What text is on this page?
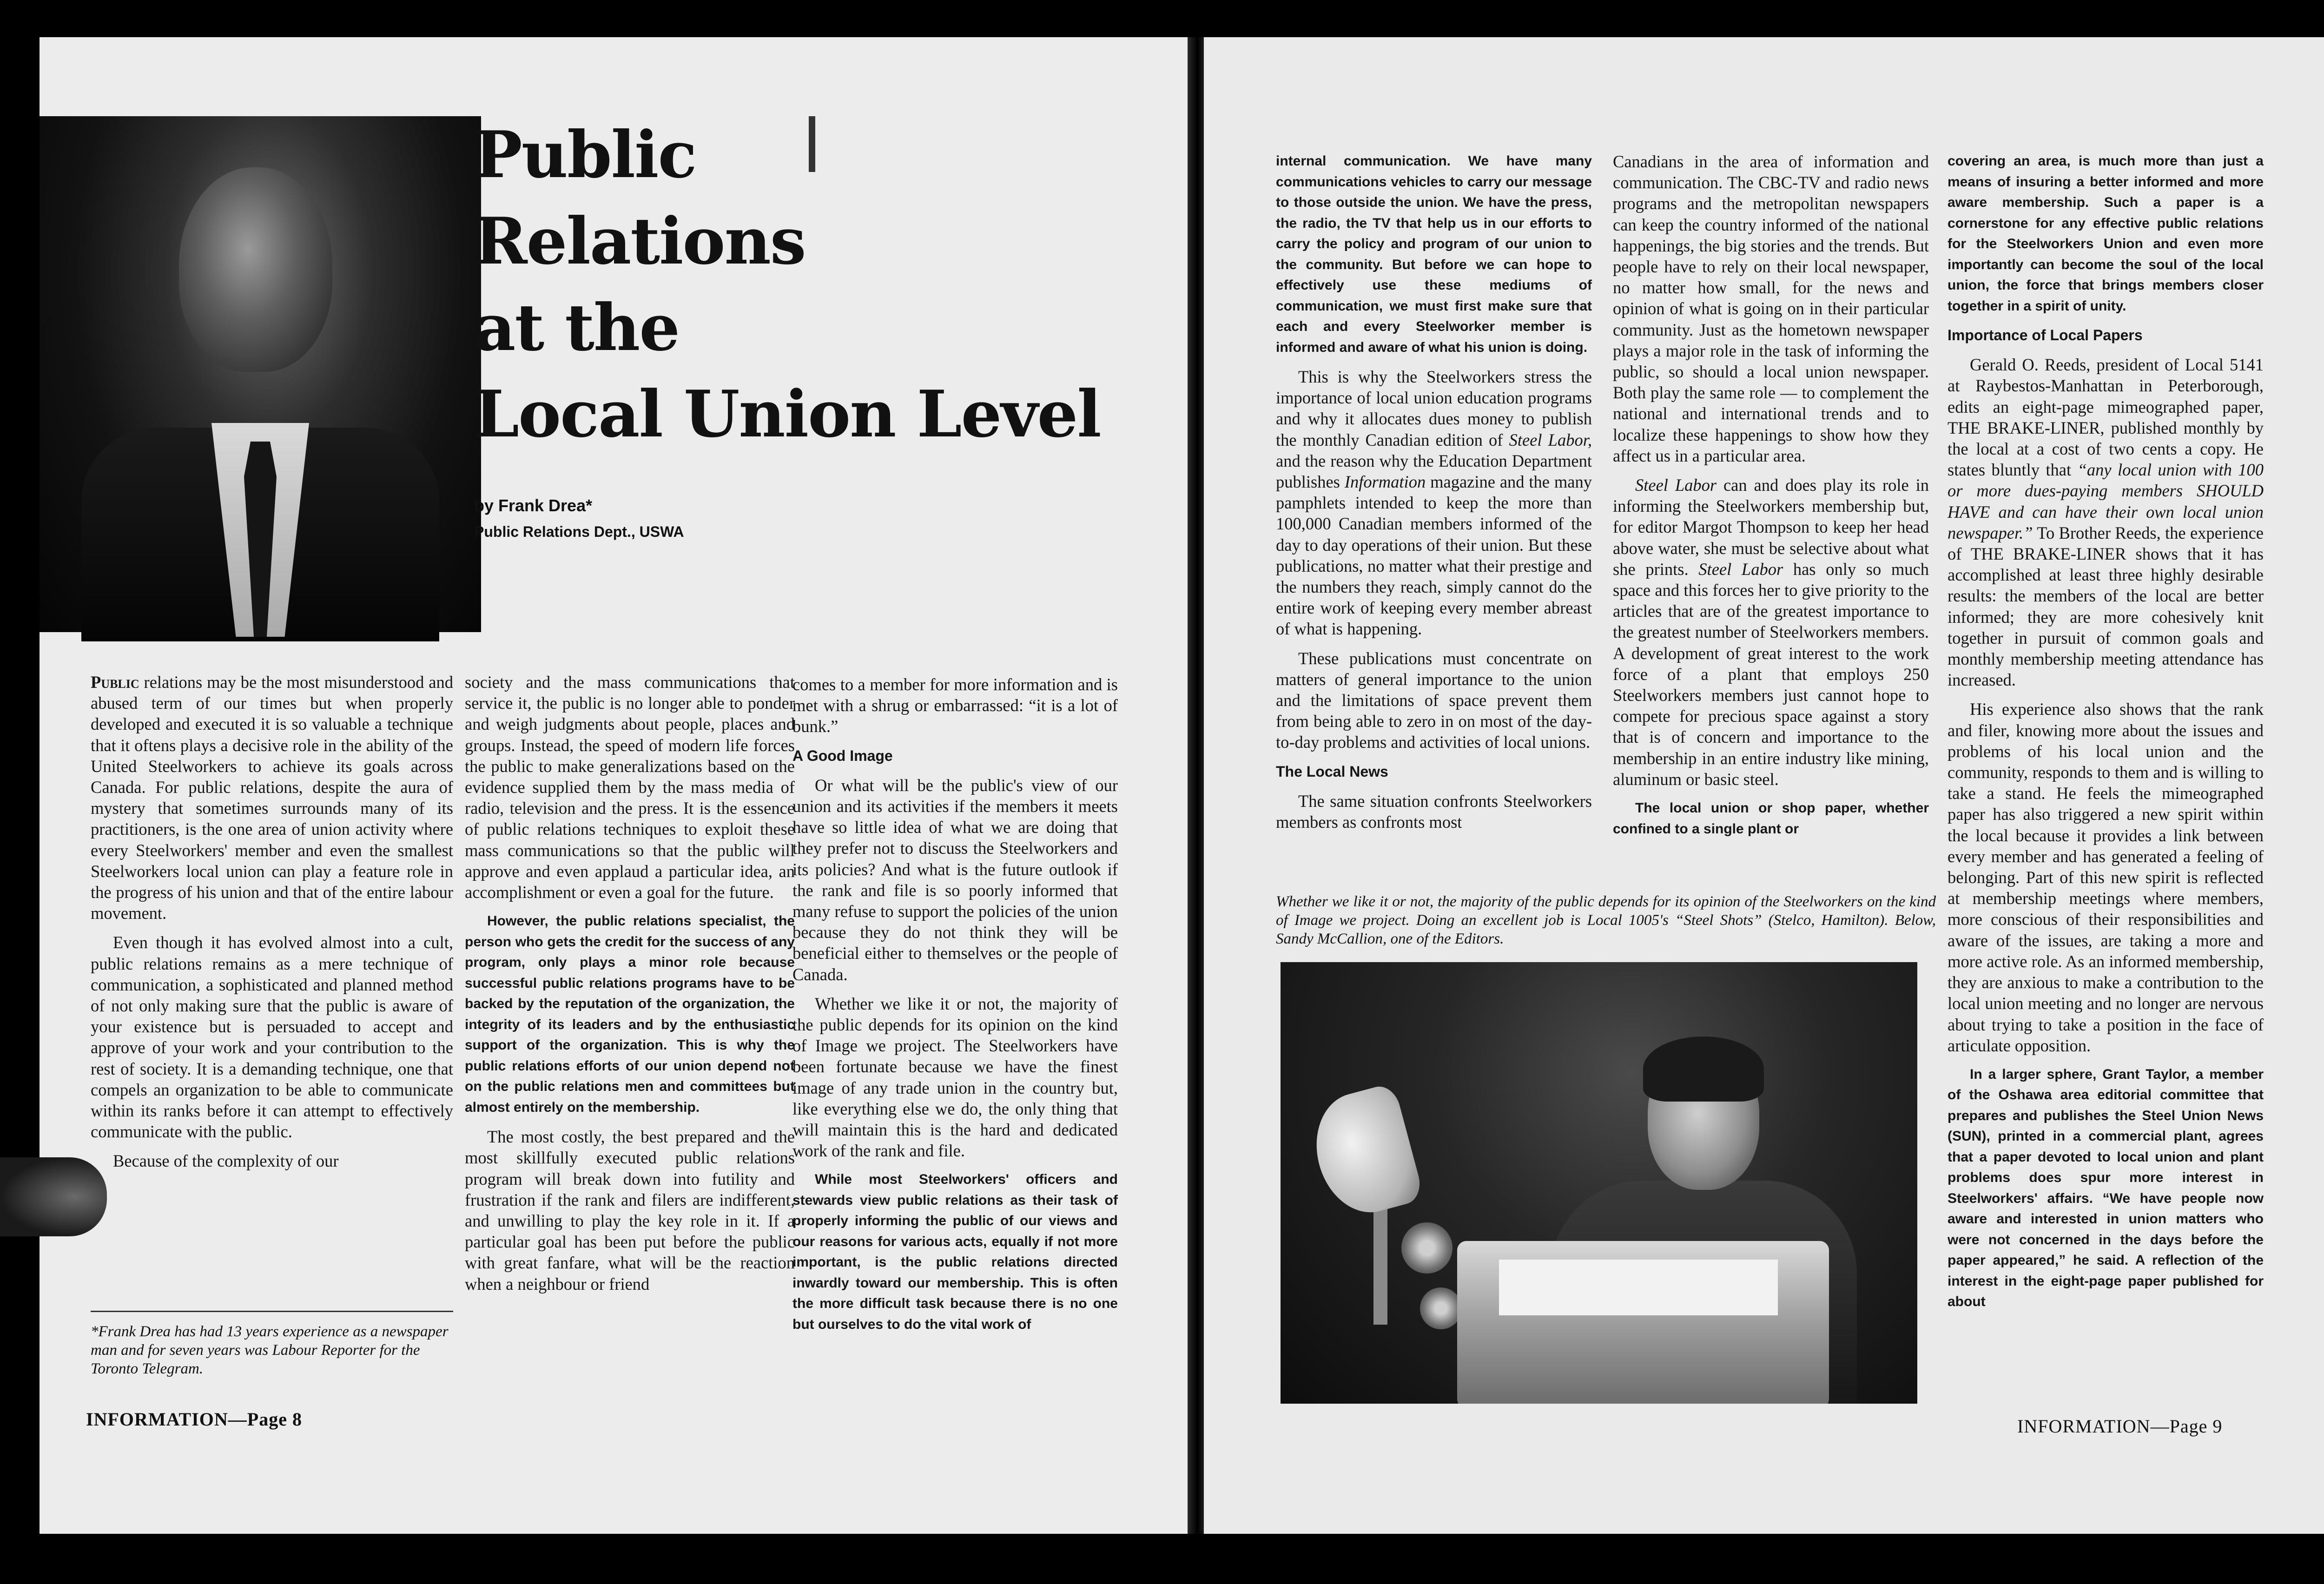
Public
Relations
at the
Local Union Level
by Frank Drea*
Public Relations Dept., USWA

Public relations may be the most misunderstood and abused term of our times but when properly developed and executed it is so valuable a technique that it oftens plays a decisive role in the ability of the United Steelworkers to achieve its goals across Canada. For public relations, despite the aura of mystery that sometimes surrounds many of its practitioners, is the one area of union activity where every Steelworkers' member and even the smallest Steelworkers local union can play a feature role in the progress of his union and that of the entire labour movement.

Even though it has evolved almost into a cult, public relations remains as a mere technique of communication, a sophisticated and planned method of not only making sure that the public is aware of your existence but is persuaded to accept and approve of your work and your contribution to the rest of society. It is a demanding technique, one that compels an organization to be able to communicate within its ranks before it can attempt to effectively communicate with the public.

Because of the complexity of our

*Frank Drea has had 13 years experience as a newspaper man and for seven years was Labour Reporter for the Toronto Telegram.
INFORMATION—Page 8

society and the mass communications that service it, the public is no longer able to ponder and weigh judgments about people, places and groups. Instead, the speed of modern life forces the public to make generalizations based on the evidence supplied them by the mass media of radio, television and the press. It is the essence of public relations techniques to exploit these mass communications so that the public will approve and even applaud a particular idea, an accomplishment or even a goal for the future.

However, the public relations specialist, the person who gets the credit for the success of any program, only plays a minor role because successful public relations programs have to be backed by the reputation of the organization, the integrity of its leaders and by the enthusiastic support of the organization. This is why the public relations efforts of our union depend not on the public relations men and committees but almost entirely on the membership.

The most costly, the best prepared and the most skillfully executed public relations program will break down into futility and frustration if the rank and filers are indifferent, and unwilling to play the key role in it. If a particular goal has been put before the public with great fanfare, what will be the reaction when a neighbour or friend

comes to a member for more information and is met with a shrug or embarrassed: “it is a lot of bunk.”

A Good Image

Or what will be the public's view of our union and its activities if the members it meets have so little idea of what we are doing that they prefer not to discuss the Steelworkers and its policies? And what is the future outlook if the rank and file is so poorly informed that many refuse to support the policies of the union because they do not think they will be beneficial either to themselves or the people of Canada.

Whether we like it or not, the majority of the public depends for its opinion on the kind of Image we project. The Steelworkers have been fortunate because we have the finest image of any trade union in the country but, like everything else we do, the only thing that will maintain this is the hard and dedicated work of the rank and file.

While most Steelworkers' officers and stewards view public relations as their task of properly informing the public of our views and our reasons for various acts, equally if not more important, is the public relations directed inwardly toward our membership. This is often the more difficult task because there is no one but ourselves to do the vital work of

internal communication. We have many communications vehicles to carry our message to those outside the union. We have the press, the radio, the TV that help us in our efforts to carry the policy and program of our union to the community. But before we can hope to effectively use these mediums of communication, we must first make sure that each and every Steelworker member is informed and aware of what his union is doing.

This is why the Steelworkers stress the importance of local union education programs and why it allocates dues money to publish the monthly Canadian edition of Steel Labor, and the reason why the Education Department publishes Information magazine and the many pamphlets intended to keep the more than 100,000 Canadian members informed of the day to day operations of their union. But these publications, no matter what their prestige and the numbers they reach, simply cannot do the entire work of keeping every member abreast of what is happening.

These publications must concentrate on matters of general importance to the union and the limitations of space prevent them from being able to zero in on most of the day-to-day problems and activities of local unions.

The Local News

The same situation confronts Steelworkers members as confronts most

Canadians in the area of information and communication. The CBC-TV and radio news programs and the metropolitan newspapers can keep the country informed of the national happenings, the big stories and the trends. But people have to rely on their local newspaper, no matter how small, for the news and opinion of what is going on in their particular community. Just as the hometown newspaper plays a major role in the task of informing the public, so should a local union newspaper. Both play the same role — to complement the national and international trends and to localize these happenings to show how they affect us in a particular area.

Steel Labor can and does play its role in informing the Steelworkers membership but, for editor Margot Thompson to keep her head above water, she must be selective about what she prints. Steel Labor has only so much space and this forces her to give priority to the articles that are of the greatest importance to the greatest number of Steelworkers members. A development of great interest to the work force of a plant that employs 250 Steelworkers members just cannot hope to compete for precious space against a story that is of concern and importance to the membership in an entire industry like mining, aluminum or basic steel.

The local union or shop paper, whether confined to a single plant or

covering an area, is much more than just a means of insuring a better informed and more aware membership. Such a paper is a cornerstone for any effective public relations for the Steelworkers Union and even more importantly can become the soul of the local union, the force that brings members closer together in a spirit of unity.

Importance of Local Papers

Gerald O. Reeds, president of Local 5141 at Raybestos-Manhattan in Peterborough, edits an eight-page mimeographed paper, THE BRAKE-LINER, published monthly by the local at a cost of two cents a copy. He states bluntly that “any local union with 100 or more dues-paying members SHOULD HAVE and can have their own local union newspaper.” To Brother Reeds, the experience of THE BRAKE-LINER shows that it has accomplished at least three highly desirable results: the members of the local are better informed; they are more cohesively knit together in pursuit of common goals and monthly membership meeting attendance has increased.

His experience also shows that the rank and filer, knowing more about the issues and problems of his local union and the community, responds to them and is willing to take a stand. He feels the mimeographed paper has also triggered a new spirit within the local because it provides a link between every member and has generated a feeling of belonging. Part of this new spirit is reflected at membership meetings where members, more conscious of their responsibilities and aware of the issues, are taking a more and more active role. As an informed membership, they are anxious to make a contribution to the local union meeting and no longer are nervous about trying to take a position in the face of articulate opposition.

In a larger sphere, Grant Taylor, a member of the Oshawa area editorial committee that prepares and publishes the Steel Union News (SUN), printed in a commercial plant, agrees that a paper devoted to local union and plant problems does spur more interest in Steelworkers' affairs. “We have people now aware and interested in union matters who were not concerned in the days before the paper appeared,” he said. A reflection of the interest in the eight-page paper published for about

Whether we like it or not, the majority of the public depends for its opinion of the Steelworkers on the kind of Image we project. Doing an excellent job is Local 1005's “Steel Shots” (Stelco, Hamilton). Below, Sandy McCallion, one of the Editors.
INFORMATION—Page 9
